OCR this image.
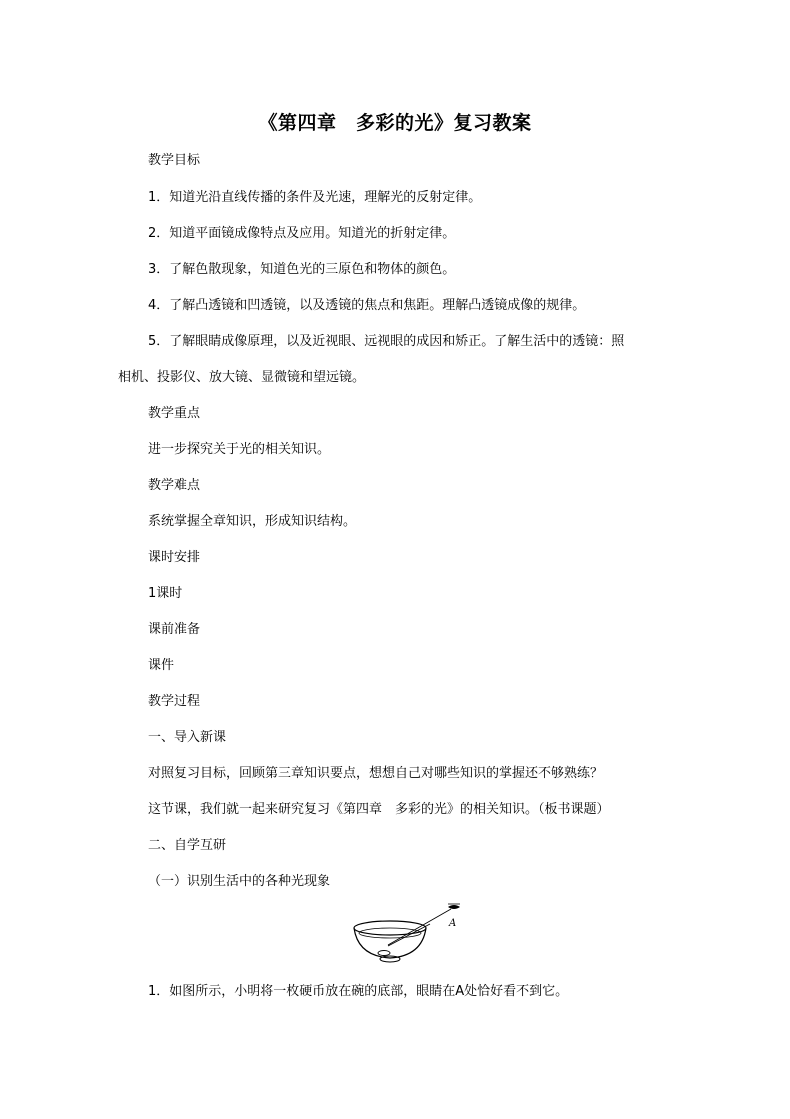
《第四章　多彩的光》复习教案
教学目标
1．知道光沿直线传播的条件及光速，理解光的反射定律。
2．知道平面镜成像特点及应用。知道光的折射定律。
3．了解色散现象，知道色光的三原色和物体的颜色。
4．了解凸透镜和凹透镜，以及透镜的焦点和焦距。理解凸透镜成像的规律。
5．了解眼睛成像原理，以及近视眼、远视眼的成因和矫正。了解生活中的透镜：照
相机、投影仪、放大镜、显微镜和望远镜。
教学重点
进一步探究关于光的相关知识。
教学难点
系统掌握全章知识，形成知识结构。
课时安排
1课时
课前准备
课件
教学过程
一、导入新课
对照复习目标，回顾第三章知识要点，想想自己对哪些知识的掌握还不够熟练？
这节课，我们就一起来研究复习《第四章　多彩的光》的相关知识。（板书课题）
二、自学互研
（一）识别生活中的各种光现象
A
1．如图所示，小明将一枚硬币放在碗的底部，眼睛在A处恰好看不到它。
